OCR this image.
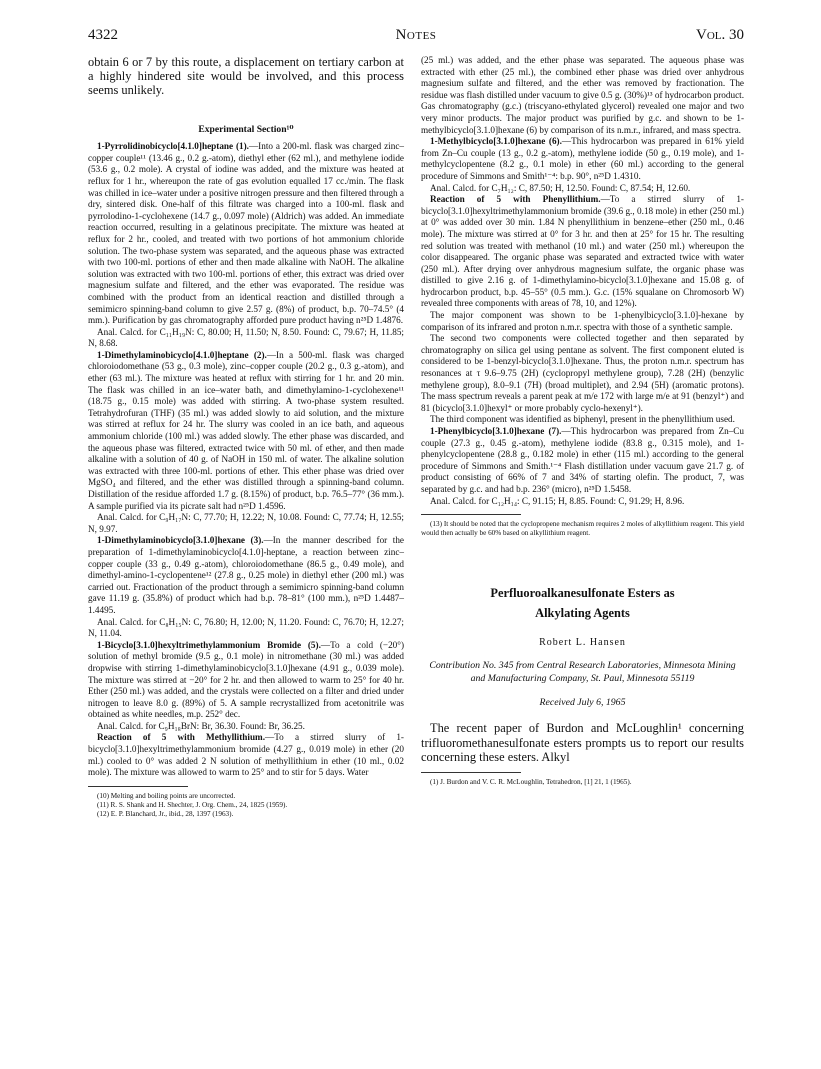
4322	Notes	Vol. 30

obtain 6 or 7 by this route, a displacement on tertiary carbon at a highly hindered site would be involved, and this process seems unlikely.

Experimental Section¹⁰

1-Pyrrolidinobicyclo[4.1.0]heptane (1).—Into a 200-ml. flask was charged zinc–copper couple¹¹ (13.46 g., 0.2 g.-atom), diethyl ether (62 ml.), and methylene iodide (53.6 g., 0.2 mole). A crystal of iodine was added, and the mixture was heated at reflux for 1 hr., whereupon the rate of gas evolution equalled 17 cc./min. The flask was chilled in ice–water under a positive nitrogen pressure and then filtered through a dry, sintered disk. One-half of this filtrate was charged into a 100-ml. flask and pyrrolodino-1-cyclohexene (14.7 g., 0.097 mole) (Aldrich) was added. An immediate reaction occurred, resulting in a gelatinous precipitate. The mixture was heated at reflux for 2 hr., cooled, and treated with two portions of hot ammonium chloride solution. The two-phase system was separated, and the aqueous phase was extracted with two 100-ml. portions of ether and then made alkaline with NaOH. The alkaline solution was extracted with two 100-ml. portions of ether, this extract was dried over magnesium sulfate and filtered, and the ether was evaporated. The residue was combined with the product from an identical reaction and distilled through a semimicro spinning-band column to give 2.57 g. (8%) of product, b.p. 70–74.5° (4 mm.). Purification by gas chromatography afforded pure product having n²⁵D 1.4876.

Anal. Calcd. for C₁₁H₁₉N: C, 80.00; H, 11.50; N, 8.50. Found: C, 79.67; H, 11.85; N, 8.68.

1-Dimethylaminobicyclo[4.1.0]heptane (2).—In a 500-ml. flask was charged chloroiodomethane (53 g., 0.3 mole), zinc–copper couple (20.2 g., 0.3 g.-atom), and ether (63 ml.). The mixture was heated at reflux with stirring for 1 hr. and 20 min. The flask was chilled in an ice–water bath, and dimethylamino-1-cyclohexene¹¹ (18.75 g., 0.15 mole) was added with stirring. A two-phase system resulted. Tetrahydrofuran (THF) (35 ml.) was added slowly to aid solution, and the mixture was stirred at reflux for 24 hr. The slurry was cooled in an ice bath, and aqueous ammonium chloride (100 ml.) was added slowly. The ether phase was discarded, and the aqueous phase was filtered, extracted twice with 50 ml. of ether, and then made alkaline with a solution of 40 g. of NaOH in 150 ml. of water. The alkaline solution was extracted with three 100-ml. portions of ether. This ether phase was dried over MgSO₄ and filtered, and the ether was distilled through a spinning-band column. Distillation of the residue afforded 1.7 g. (8.15%) of product, b.p. 76.5–77° (36 mm.). A sample purified via its picrate salt had n²⁵D 1.4596.

Anal. Calcd. for C₉H₁₇N: C, 77.70; H, 12.22; N, 10.08. Found: C, 77.74; H, 12.55; N, 9.97.

1-Dimethylaminobicyclo[3.1.0]hexane (3).—In the manner described for the preparation of 1-dimethylaminobicyclo[4.1.0]-heptane, a reaction between zinc–copper couple (33 g., 0.49 g.-atom), chloroiodomethane (86.5 g., 0.49 mole), and dimethyl-amino-1-cyclopentene¹² (27.8 g., 0.25 mole) in diethyl ether (200 ml.) was carried out. Fractionation of the product through a semimicro spinning-band column gave 11.19 g. (35.8%) of product which had b.p. 78–81° (100 mm.), n²⁵D 1.4487–1.4495.

Anal. Calcd. for C₈H₁₅N: C, 76.80; H, 12.00; N, 11.20. Found: C, 76.70; H, 12.27; N, 11.04.

1-Bicyclo[3.1.0]hexyltrimethylammonium Bromide (5).—To a cold (−20°) solution of methyl bromide (9.5 g., 0.1 mole) in nitromethane (30 ml.) was added dropwise with stirring 1-dimethylaminobicyclo[3.1.0]hexane (4.91 g., 0.039 mole). The mixture was stirred at −20° for 2 hr. and then allowed to warm to 25° for 40 hr. Ether (250 ml.) was added, and the crystals were collected on a filter and dried under nitrogen to leave 8.0 g. (89%) of 5. A sample recrystallized from acetonitrile was obtained as white needles, m.p. 252° dec.

Anal. Calcd. for C₉H₁₈BrN: Br, 36.30. Found: Br, 36.25.

Reaction of 5 with Methyllithium.—To a stirred slurry of 1-bicyclo[3.1.0]hexyltrimethylammonium bromide (4.27 g., 0.019 mole) in ether (20 ml.) cooled to 0° was added 2 N solution of methyllithium in ether (10 ml., 0.02 mole). The mixture was allowed to warm to 25° and to stir for 5 days. Water

(10) Melting and boiling points are uncorrected.

(11) R. S. Shank and H. Shechter, J. Org. Chem., 24, 1825 (1959).

(12) E. P. Blanchard, Jr., ibid., 28, 1397 (1963).

(25 ml.) was added, and the ether phase was separated. The aqueous phase was extracted with ether (25 ml.), the combined ether phase was dried over anhydrous magnesium sulfate and filtered, and the ether was removed by fractionation. The residue was flash distilled under vacuum to give 0.5 g. (30%)¹³ of hydrocarbon product. Gas chromatography (g.c.) (triscyano-ethylated glycerol) revealed one major and two very minor products. The major product was purified by g.c. and shown to be 1-methylbicyclo[3.1.0]hexane (6) by comparison of its n.m.r., infrared, and mass spectra.

1-Methylbicyclo[3.1.0]hexane (6).—This hydrocarbon was prepared in 61% yield from Zn–Cu couple (13 g., 0.2 g.-atom), methylene iodide (50 g., 0.19 mole), and 1-methylcyclopentene (8.2 g., 0.1 mole) in ether (60 ml.) according to the general procedure of Simmons and Smith¹⁻⁴: b.p. 90°, n²⁵D 1.4310.

Anal. Calcd. for C₇H₁₂: C, 87.50; H, 12.50. Found: C, 87.54; H, 12.60.

Reaction of 5 with Phenyllithium.—To a stirred slurry of 1-bicyclo[3.1.0]hexyltrimethylammonium bromide (39.6 g., 0.18 mole) in ether (250 ml.) at 0° was added over 30 min. 1.84 N phenyllithium in benzene–ether (250 ml., 0.46 mole). The mixture was stirred at 0° for 3 hr. and then at 25° for 15 hr. The resulting red solution was treated with methanol (10 ml.) and water (250 ml.) whereupon the color disappeared. The organic phase was separated and extracted twice with water (250 ml.). After drying over anhydrous magnesium sulfate, the organic phase was distilled to give 2.16 g. of 1-dimethylamino-bicyclo[3.1.0]hexane and 15.08 g. of hydrocarbon product, b.p. 45–55° (0.5 mm.). G.c. (15% squalane on Chromosorb W) revealed three components with areas of 78, 10, and 12%).

The major component was shown to be 1-phenylbicyclo[3.1.0]-hexane by comparison of its infrared and proton n.m.r. spectra with those of a synthetic sample.

The second two components were collected together and then separated by chromatography on silica gel using pentane as solvent. The first component eluted is considered to be 1-benzyl-bicyclo[3.1.0]hexane. Thus, the proton n.m.r. spectrum has resonances at τ 9.6–9.75 (2H) (cyclopropyl methylene group), 7.28 (2H) (benzylic methylene group), 8.0–9.1 (7H) (broad multiplet), and 2.94 (5H) (aromatic protons). The mass spectrum reveals a parent peak at m/e 172 with large m/e at 91 (benzyl⁺) and 81 (bicyclo[3.1.0]hexyl⁺ or more probably cyclo-hexenyl⁺).

The third component was identified as biphenyl, present in the phenyllithium used.

1-Phenylbicyclo[3.1.0]hexane (7).—This hydrocarbon was prepared from Zn–Cu couple (27.3 g., 0.45 g.-atom), methylene iodide (83.8 g., 0.315 mole), and 1-phenylcyclopentene (28.8 g., 0.182 mole) in ether (115 ml.) according to the general procedure of Simmons and Smith.¹⁻⁴ Flash distillation under vacuum gave 21.7 g. of product consisting of 66% of 7 and 34% of starting olefin. The product, 7, was separated by g.c. and had b.p. 236° (micro), n²⁵D 1.5458.

Anal. Calcd. for C₁₂H₁₄: C, 91.15; H, 8.85. Found: C, 91.29; H, 8.96.

(13) It should be noted that the cyclopropene mechanism requires 2 moles of alkyllithium reagent. This yield would then actually be 60% based on alkyllithium reagent.

Perfluoroalkanesulfonate Esters as

Alkylating Agents

Robert L. Hansen

Contribution No. 345 from Central Research Laboratories, Minnesota Mining and Manufacturing Company, St. Paul, Minnesota 55119

Received July 6, 1965

The recent paper of Burdon and McLoughlin¹ concerning trifluoromethanesulfonate esters prompts us to report our results concerning these esters. Alkyl

(1) J. Burdon and V. C. R. McLoughlin, Tetrahedron, [1] 21, 1 (1965).
